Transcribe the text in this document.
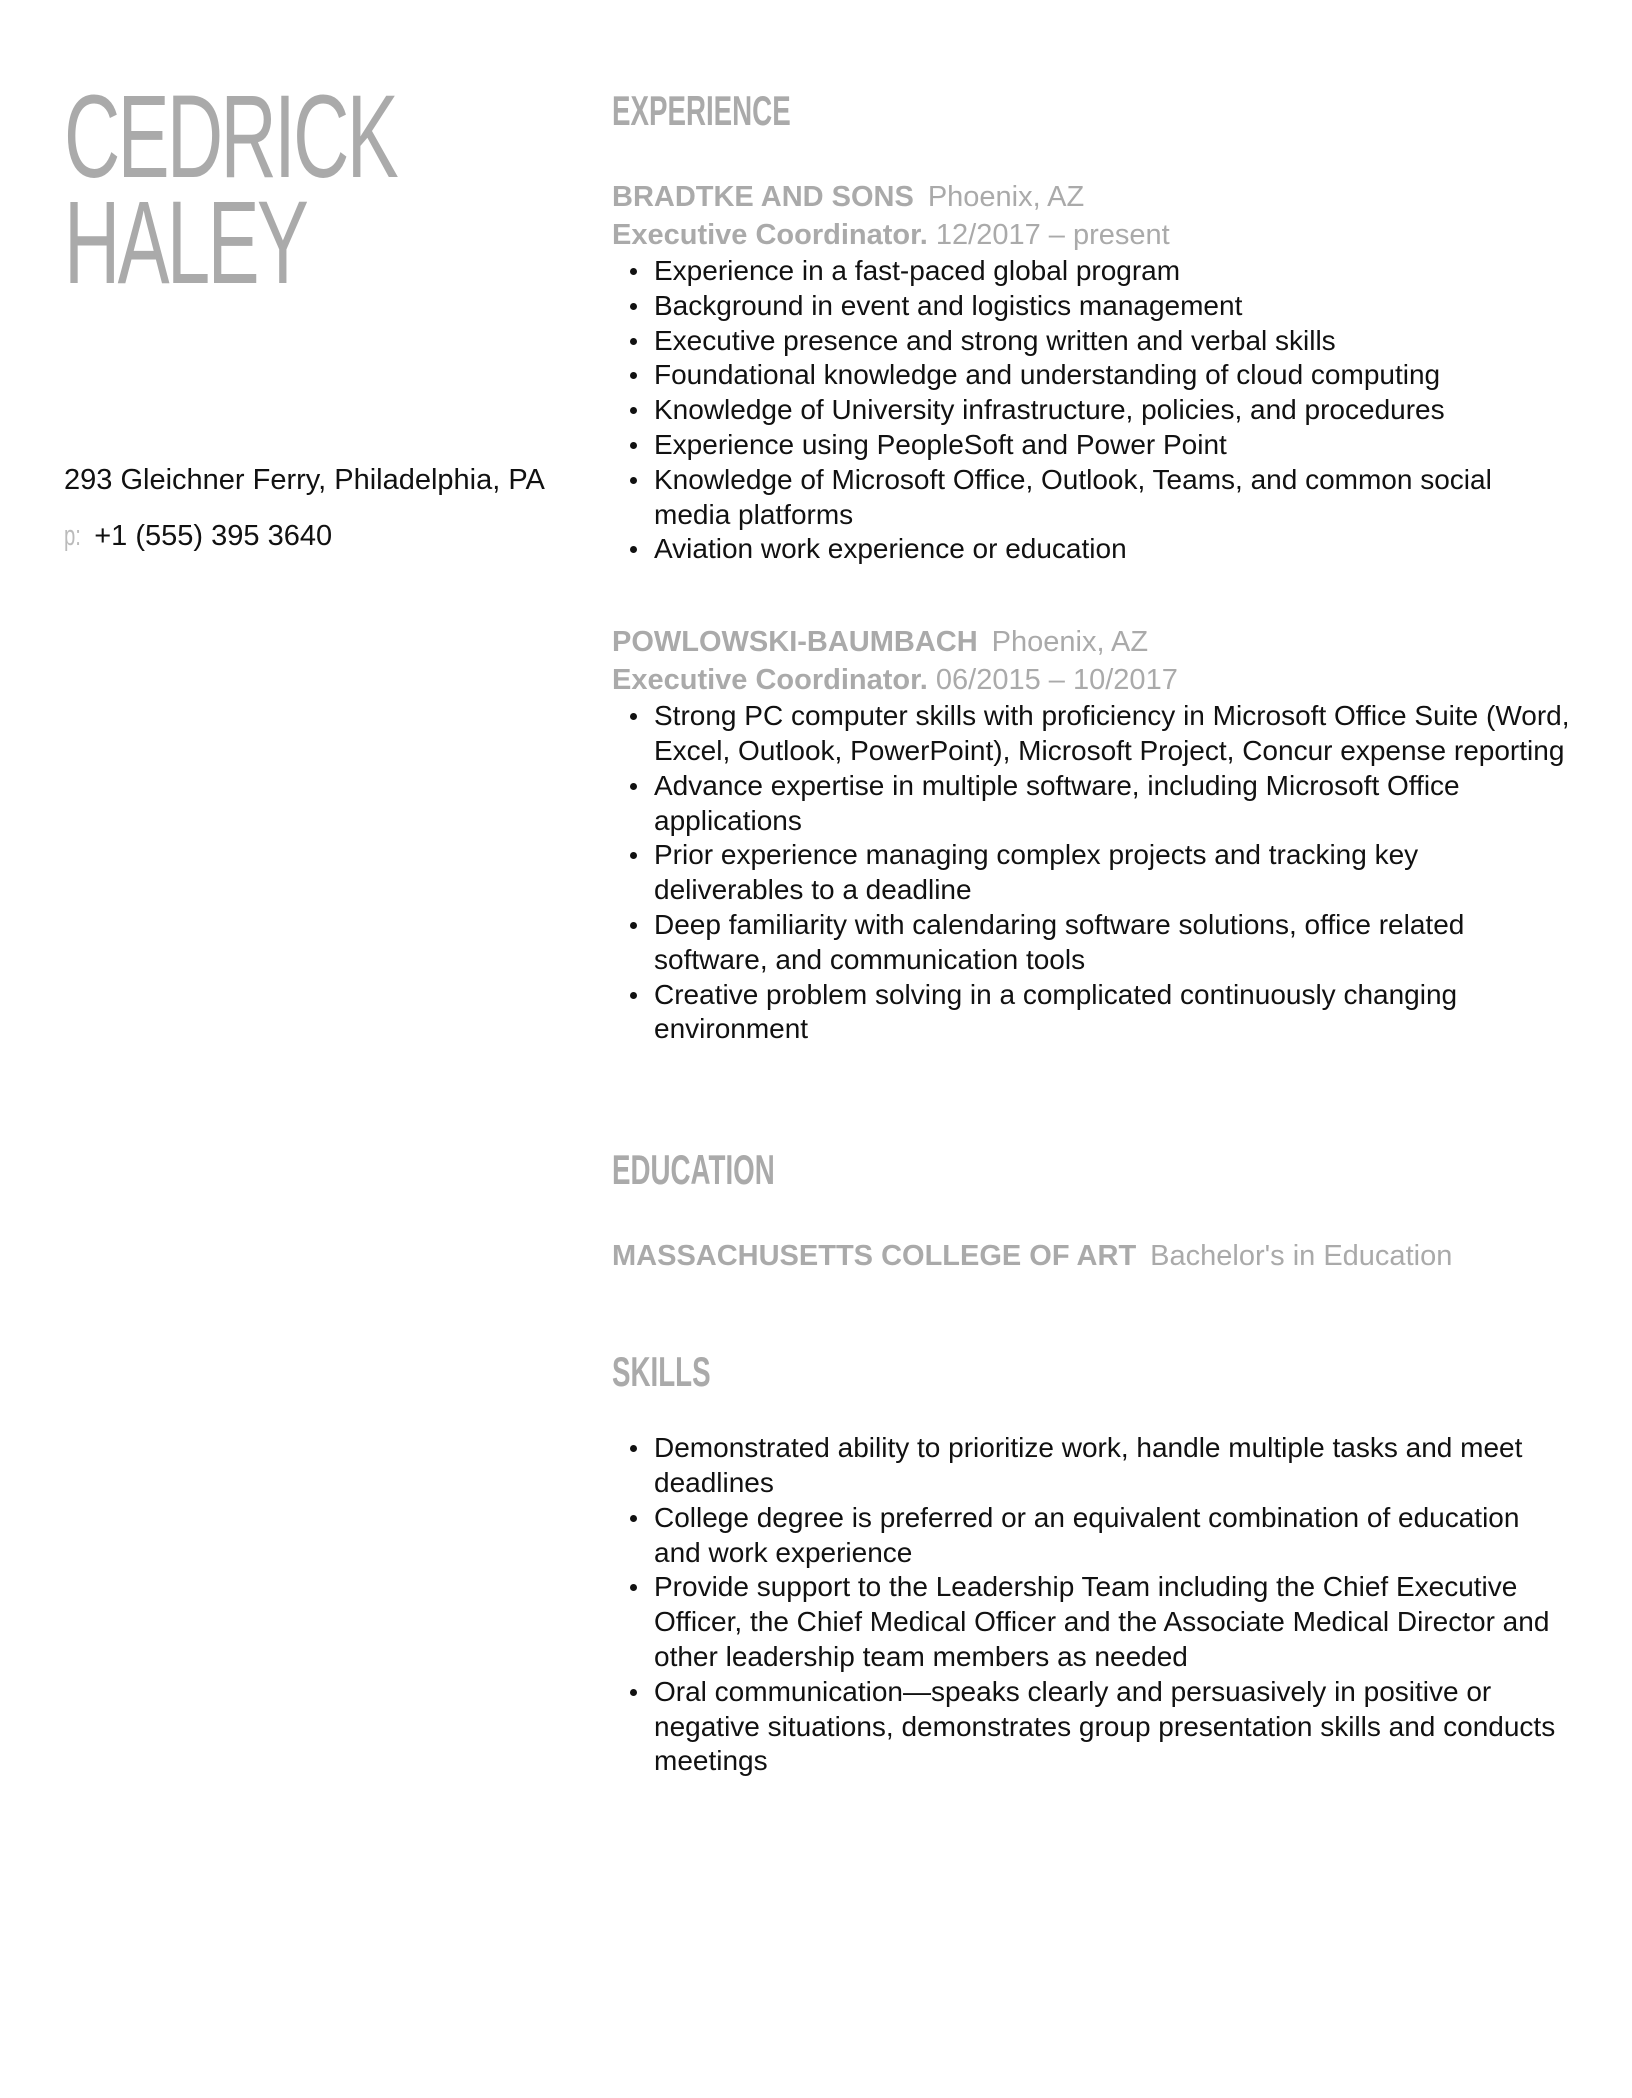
CEDRICK
HALEY
293 Gleichner Ferry, Philadelphia, PA
p: +1 (555) 395 3640
EXPERIENCE
BRADTKE AND SONS Phoenix, AZ
Executive Coordinator. 12/2017 – present
Experience in a fast-paced global program
Background in event and logistics management
Executive presence and strong written and verbal skills
Foundational knowledge and understanding of cloud computing
Knowledge of University infrastructure, policies, and procedures
Experience using PeopleSoft and Power Point
Knowledge of Microsoft Office, Outlook, Teams, and common social media platforms
Aviation work experience or education
POWLOWSKI-BAUMBACH Phoenix, AZ
Executive Coordinator. 06/2015 – 10/2017
Strong PC computer skills with proficiency in Microsoft Office Suite (Word, Excel, Outlook, PowerPoint), Microsoft Project, Concur expense reporting
Advance expertise in multiple software, including Microsoft Office applications
Prior experience managing complex projects and tracking key deliverables to a deadline
Deep familiarity with calendaring software solutions, office related software, and communication tools
Creative problem solving in a complicated continuously changing environment
EDUCATION
MASSACHUSETTS COLLEGE OF ART Bachelor's in Education
SKILLS
Demonstrated ability to prioritize work, handle multiple tasks and meet deadlines
College degree is preferred or an equivalent combination of education and work experience
Provide support to the Leadership Team including the Chief Executive Officer, the Chief Medical Officer and the Associate Medical Director and other leadership team members as needed
Oral communication—speaks clearly and persuasively in positive or negative situations, demonstrates group presentation skills and conducts meetings
